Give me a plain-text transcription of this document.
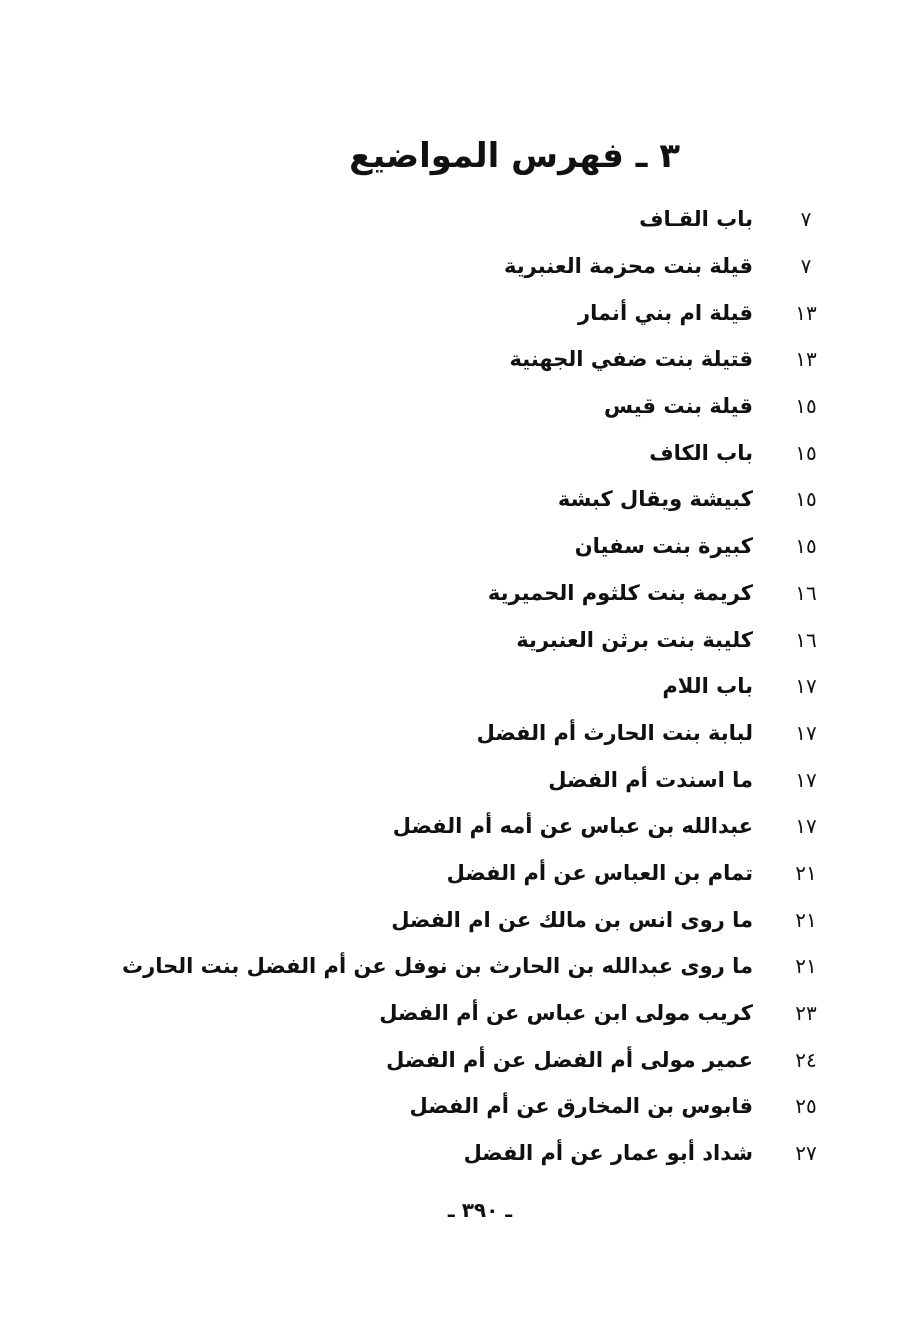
٣ ـ فهرس المواضيع
٧
باب القـاف
٧
قيلة بنت محزمة العنبرية
١٣
قيلة ام بني أنمار
١٣
قتيلة بنت ضفي الجهنية
١٥
قيلة بنت قيس
١٥
باب الكاف
١٥
كبيشة ويقال كبشة
١٥
كبيرة بنت سفيان
١٦
كريمة بنت كلثوم الحميرية
١٦
كليبة بنت برثن العنبرية
١٧
باب اللام
١٧
لبابة بنت الحارث أم الفضل
١٧
ما اسندت أم الفضل
١٧
عبدالله بن عباس عن أمه أم الفضل
٢١
تمام بن العباس عن أم الفضل
٢١
ما روى انس بن مالك عن ام الفضل
٢١
ما روى عبدالله بن الحارث بن نوفل عن أم الفضل بنت الحارث
٢٣
كريب مولى ابن عباس عن أم الفضل
٢٤
عمير مولى أم الفضل عن أم الفضل
٢٥
قابوس بن المخارق عن أم الفضل
٢٧
شداد أبو عمار عن أم الفضل
ـ ٣٩٠ ـ
